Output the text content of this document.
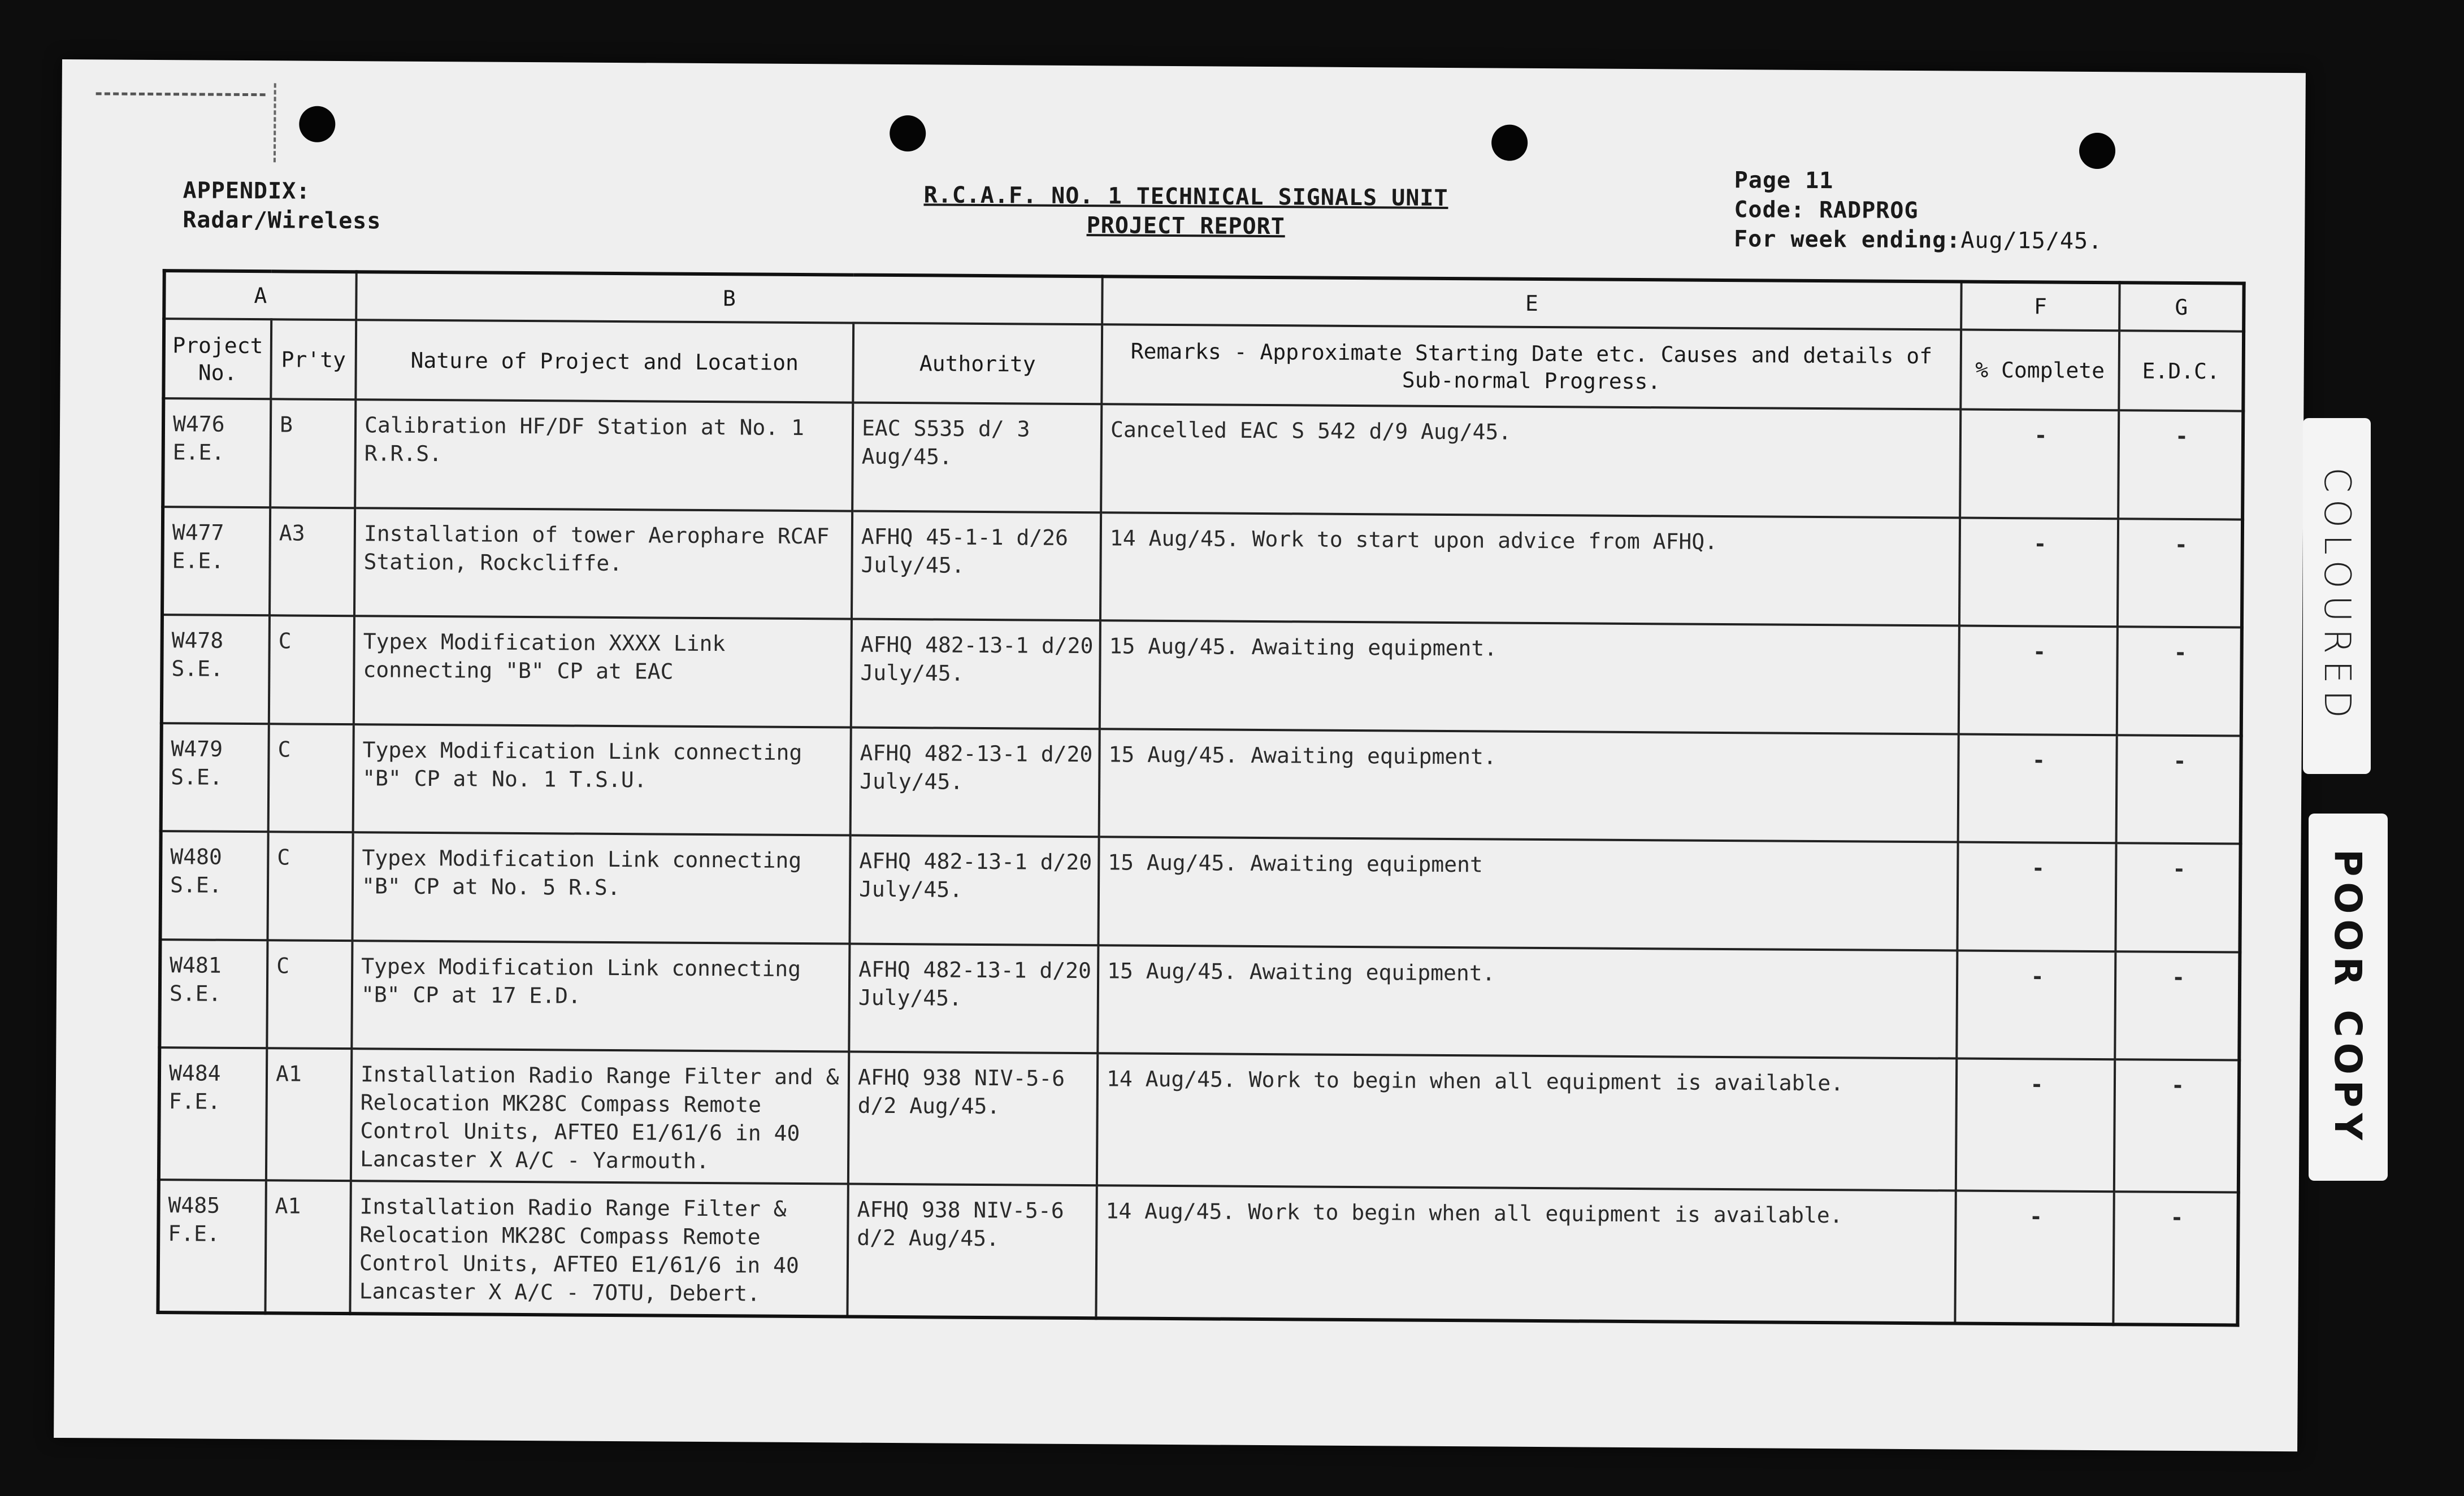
APPENDIX:
Radar/Wireless
R.C.A.F. NO. 1 TECHNICAL SIGNALS UNIT
PROJECT REPORT
Page 11
Code: RADPROG
For week ending:Aug/15/45.
A		B		E	F	G
Project No.	Pr'ty	Nature of Project and Location	Authority	Remarks - Approximate Starting Date etc. Causes and details of Sub-normal Progress.	% Complete	E.D.C.
W476 E.E.	B	Calibration HF/DF Station at No. 1 R.R.S.	EAC S535 d/ 3 Aug/45.	Cancelled EAC S 542 d/9 Aug/45.	-	-
W477 E.E.	A3	Installation of tower Aerophare RCAF Station, Rockcliffe.	AFHQ 45-1-1 d/26 July/45.	14 Aug/45. Work to start upon advice from AFHQ.	-	-
W478 S.E.	C	Typex Modification XXXX Link connecting "B" CP at EAC	AFHQ 482-13-1 d/20 July/45.	15 Aug/45. Awaiting equipment.	-	-
W479 S.E.	C	Typex Modification Link connecting "B" CP at No. 1 T.S.U.	AFHQ 482-13-1 d/20 July/45.	15 Aug/45. Awaiting equipment.	-	-
W480 S.E.	C	Typex Modification Link connecting "B" CP at No. 5 R.S.	AFHQ 482-13-1 d/20 July/45.	15 Aug/45. Awaiting equipment	-	-
W481 S.E.	C	Typex Modification Link connecting "B" CP at 17 E.D.	AFHQ 482-13-1 d/20 July/45.	15 Aug/45. Awaiting equipment.	-	-
W484 F.E.	A1	Installation Radio Range Filter and & Relocation MK28C Compass Remote Control Units, AFTEO E1/61/6 in 40 Lancaster X A/C - Yarmouth.	AFHQ 938 NIV-5-6 d/2 Aug/45.	14 Aug/45. Work to begin when all equipment is available.	-	-
W485 F.E.	A1	Installation Radio Range Filter & Relocation MK28C Compass Remote Control Units, AFTEO E1/61/6 in 40 Lancaster X A/C - 7OTU, Debert.	AFHQ 938 NIV-5-6 d/2 Aug/45.	14 Aug/45. Work to begin when all equipment is available.	-	-
COLOURED
POOR COPY
